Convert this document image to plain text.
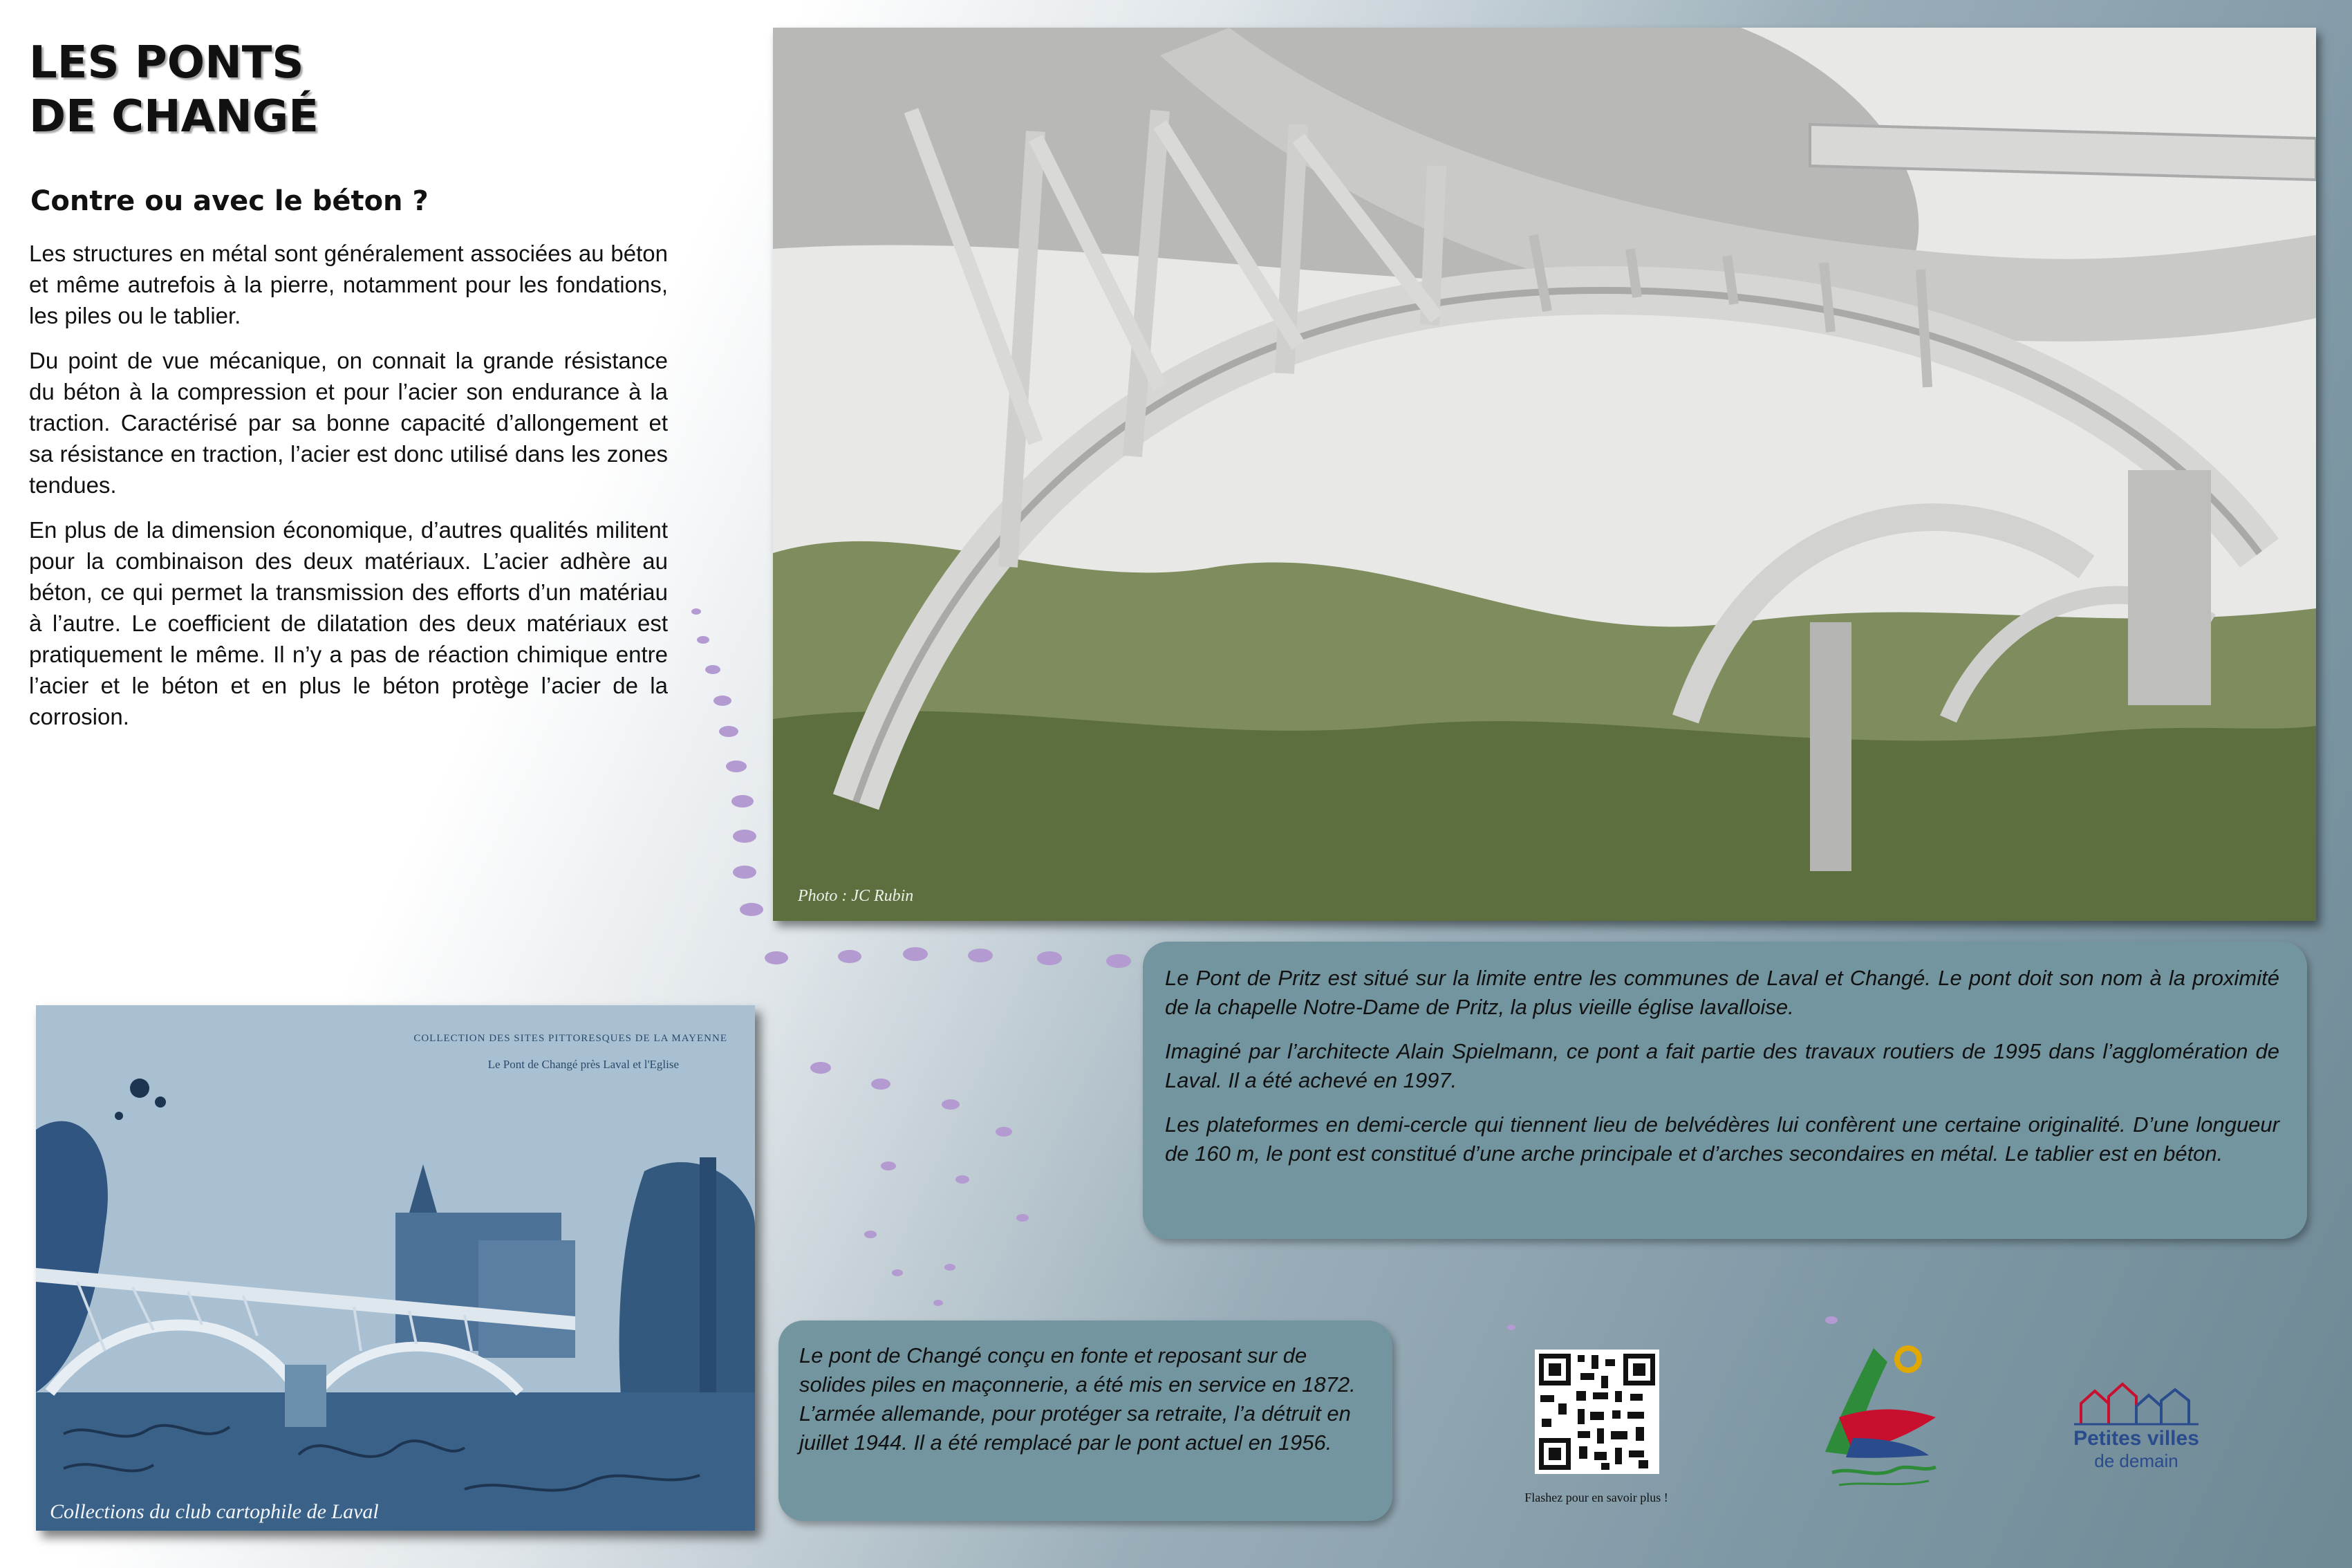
LES PONTS
DE CHANGÉ
Contre ou avec le béton ?

Les structures en métal sont généralement associées au béton et même autrefois à la pierre, notamment pour les fondations, les piles ou le tablier.

Du point de vue mécanique, on connait la grande résistance du béton à la compression et pour l’acier son endurance à la traction. Caractérisé par sa bonne capacité d’allongement et sa résistance en traction, l’acier est donc utilisé dans les zones tendues.

En plus de la dimension économique, d’autres qualités militent pour la combinaison des deux matériaux. L’acier adhère au béton, ce qui permet la transmission des efforts d’un matériau à l’autre. Le coefficient de dilatation des deux matériaux est pratiquement le même. Il n’y a pas de réaction chimique entre l’acier et le béton et en plus le béton protège l’acier de la corrosion.

Photo : JC Rubin

Le Pont de Pritz est situé sur la limite entre les communes de Laval et Changé. Le pont doit son nom à la proximité de la chapelle Notre-Dame de Pritz, la plus vieille église lavalloise.

Imaginé par l’architecte Alain Spielmann, ce pont a fait partie des travaux routiers de 1995 dans l’agglomération de Laval. Il a été achevé en 1997.

Les plateformes en demi-cercle qui tiennent lieu de belvédères lui confèrent une certaine originalité. D’une longueur de 160 m, le pont est constitué d’une arche principale et d’arches secondaires en métal. Le tablier est en béton.

COLLECTION DES SITES PITTORESQUES DE LA MAYENNE
Le Pont de Changé près Laval et l'Eglise
Collections du club cartophile de Laval

Le pont de Changé conçu en fonte et reposant sur de solides piles en maçonnerie, a été mis en service en 1872. L’armée allemande, pour protéger sa retraite, l’a détruit en juillet 1944. Il a été remplacé par le pont actuel en 1956.

Flashez pour en savoir plus !
Petites villes
de demain
